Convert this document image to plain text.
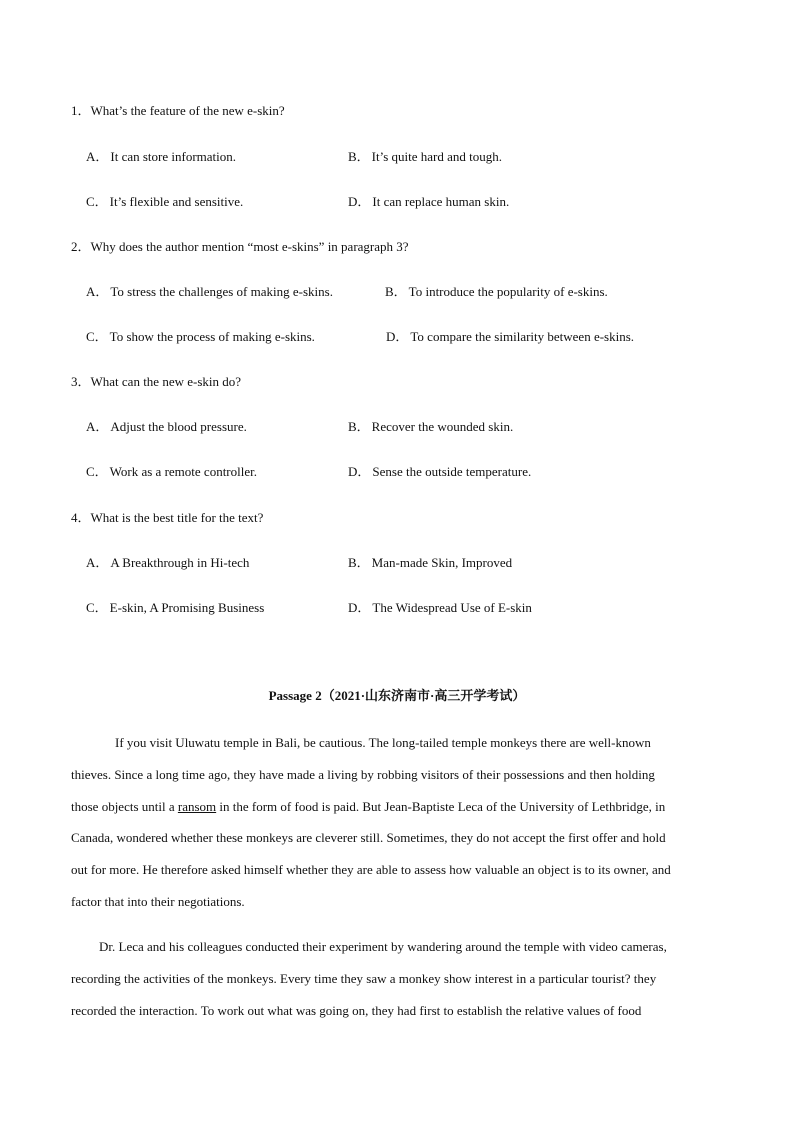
1．What’s the feature of the new e-skin?
A． It can store information.	B． It’s quite hard and tough.
C． It’s flexible and sensitive.	D． It can replace human skin.
2．Why does the author mention “most e-skins” in paragraph 3?
A． To stress the challenges of making e-skins.	B． To introduce the popularity of e-skins.
C． To show the process of making e-skins.	D． To compare the similarity between e-skins.
3．What can the new e-skin do?
A． Adjust the blood pressure.	B． Recover the wounded skin.
C． Work as a remote controller.	D． Sense the outside temperature.
4．What is the best title for the text?
A． A Breakthrough in Hi-tech	B． Man-made Skin, Improved
C． E-skin, A Promising Business	D． The Widespread Use of E-skin
Passage 2（2021·山东济南市·高三开学考试）
If you visit Uluwatu temple in Bali, be cautious. The long-tailed temple monkeys there are well-known
thieves. Since a long time ago, they have made a living by robbing visitors of their possessions and then holding
those objects until a ransom in the form of food is paid. But Jean-Baptiste Leca of the University of Lethbridge, in
Canada, wondered whether these monkeys are cleverer still. Sometimes, they do not accept the first offer and hold
out for more. He therefore asked himself whether they are able to assess how valuable an object is to its owner, and
factor that into their negotiations.
Dr. Leca and his colleagues conducted their experiment by wandering around the temple with video cameras,
recording the activities of the monkeys. Every time they saw a monkey show interest in a particular tourist? they
recorded the interaction. To work out what was going on, they had first to establish the relative values of food
